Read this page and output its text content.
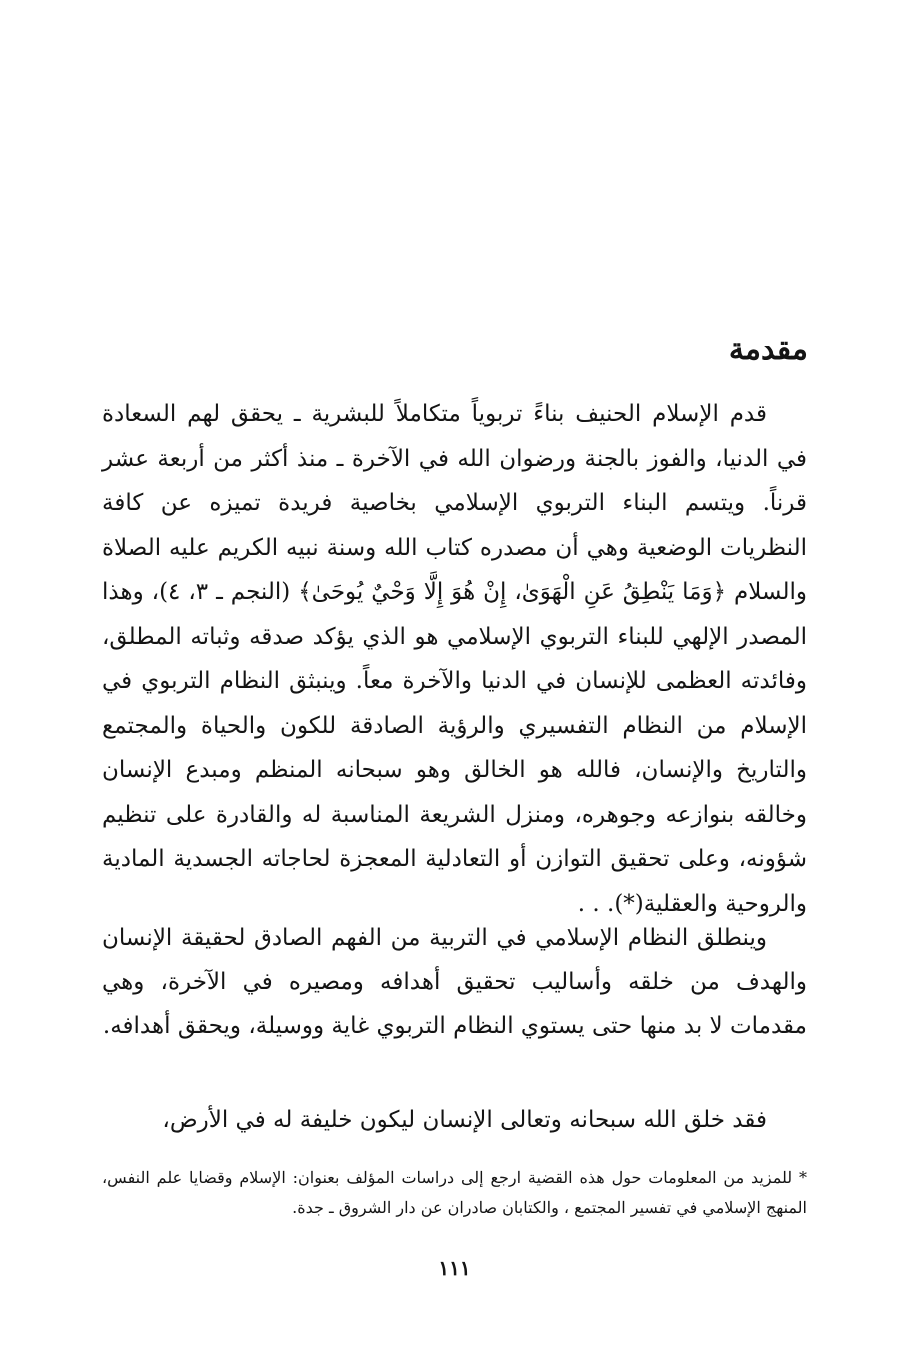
مقدمة
قدم الإسلام الحنيف بناءً تربوياً متكاملاً للبشرية ـ يحقق لهم السعادة في الدنيا، والفوز بالجنة ورضوان الله في الآخرة ـ منذ أكثر من أربعة عشر قرناً. ويتسم البناء التربوي الإسلامي بخاصية فريدة تميزه عن كافة النظريات الوضعية وهي أن مصدره كتاب الله وسنة نبيه الكريم عليه الصلاة والسلام ﴿وَمَا يَنْطِقُ عَنِ الْهَوَىٰ، إِنْ هُوَ إِلَّا وَحْيٌ يُوحَىٰ﴾ (النجم ـ ٣، ٤)، وهذا المصدر الإلهي للبناء التربوي الإسلامي هو الذي يؤكد صدقه وثباته المطلق، وفائدته العظمى للإنسان في الدنيا والآخرة معاً. وينبثق النظام التربوي في الإسلام من النظام التفسيري والرؤية الصادقة للكون والحياة والمجتمع والتاريخ والإنسان، فالله هو الخالق وهو سبحانه المنظم ومبدع الإنسان وخالقه بنوازعه وجوهره، ومنزل الشريعة المناسبة له والقادرة على تنظيم شؤونه، وعلى تحقيق التوازن أو التعادلية المعجزة لحاجاته الجسدية المادية والروحية والعقلية(*). . .
وينطلق النظام الإسلامي في التربية من الفهم الصادق لحقيقة الإنسان والهدف من خلقه وأساليب تحقيق أهدافه ومصيره في الآخرة، وهي مقدمات لا بد منها حتى يستوي النظام التربوي غاية ووسيلة، ويحقق أهدافه.
فقد خلق الله سبحانه وتعالى الإنسان ليكون خليفة له في الأرض،
* للمزيد من المعلومات حول هذه القضية ارجع إلى دراسات المؤلف بعنوان: الإسلام وقضايا علم النفس، المنهج الإسلامي في تفسير المجتمع ، والكتابان صادران عن دار الشروق ـ جدة.
١١١
